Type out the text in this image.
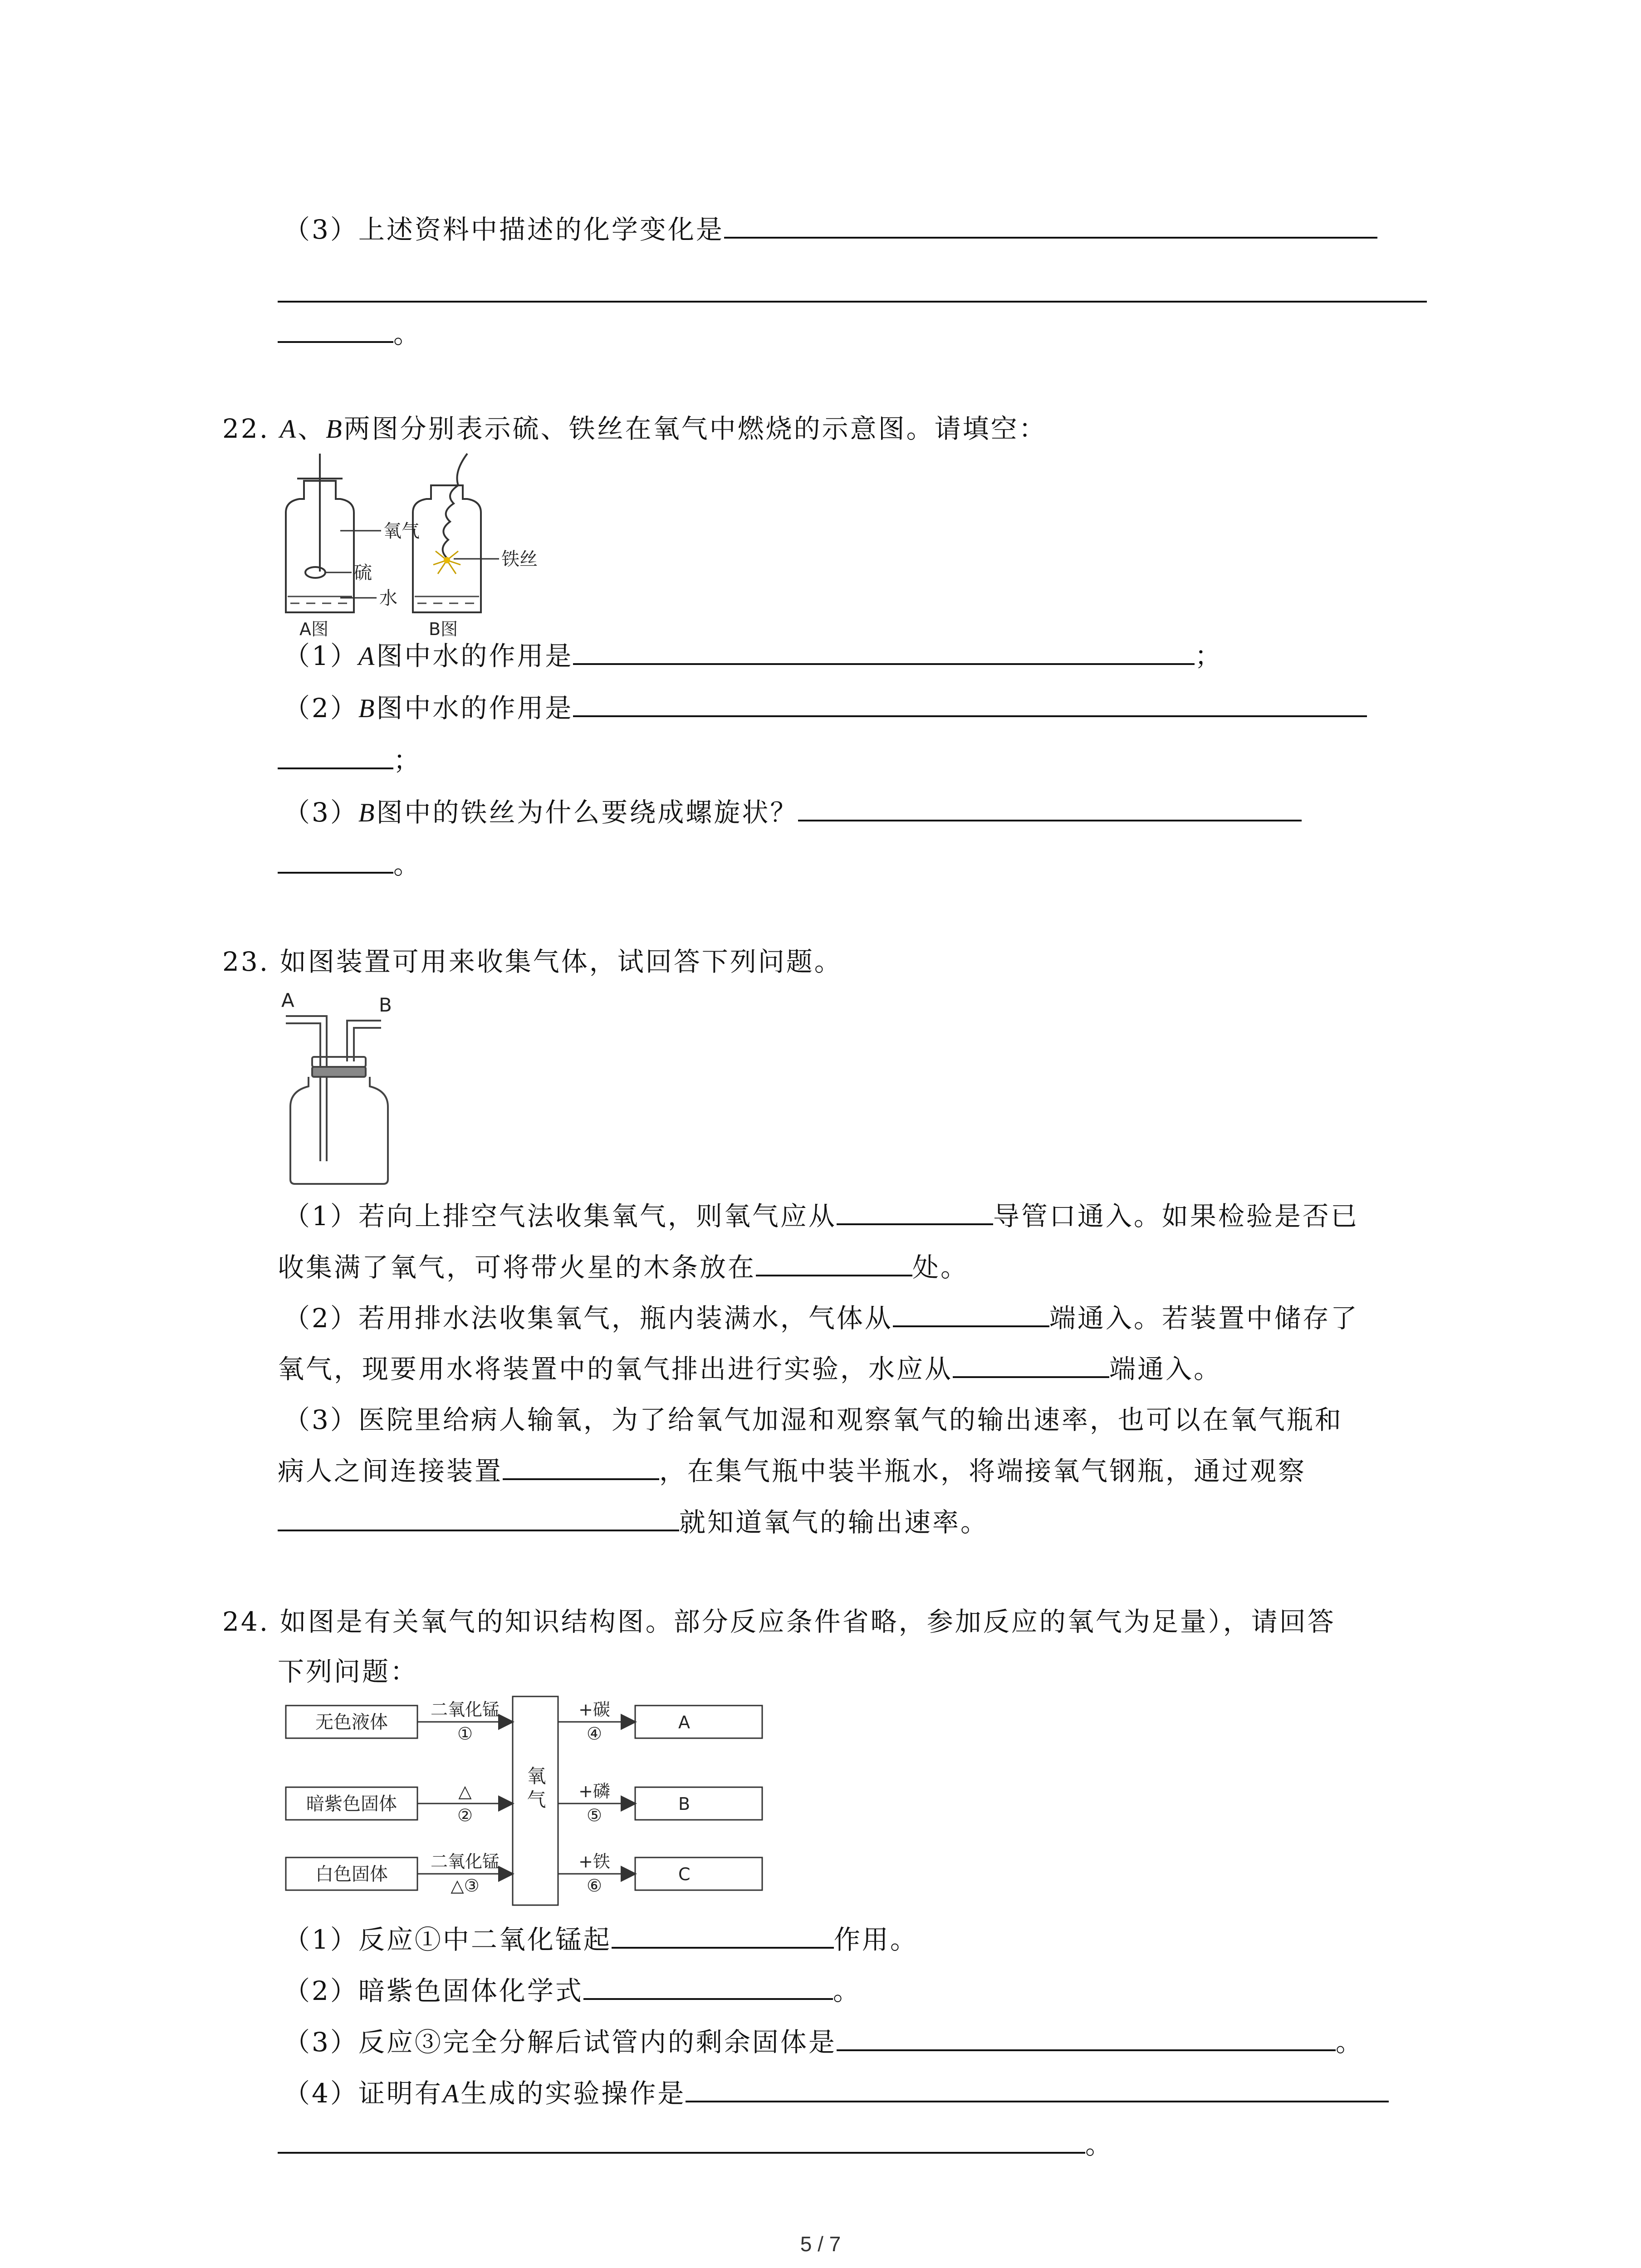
（3）上述资料中描述的化学变化是
。
22. A、B两图分别表示硫、铁丝在氧气中燃烧的示意图。请填空：
氧气
硫
水
铁丝
A图	B图
（1）A图中水的作用是	；
（2）B图中水的作用是
；
（3）B图中的铁丝为什么要绕成螺旋状？
。
23. 如图装置可用来收集气体，试回答下列问题。
A	B
（1）若向上排空气法收集氧气，则氧气应从	导管口通入。如果检验是否已
收集满了氧气，可将带火星的木条放在	处。
（2）若用排水法收集氧气，瓶内装满水，气体从	端通入。若装置中储存了
氧气，现要用水将装置中的氧气排出进行实验，水应从	端通入。
（3）医院里给病人输氧，为了给氧气加湿和观察氧气的输出速率，也可以在氧气瓶和
病人之间连接装置	，在集气瓶中装半瓶水，将端接氧气钢瓶，通过观察
就知道氧气的输出速率。
24. 如图是有关氧气的知识结构图。部分反应条件省略，参加反应的氧气为足量），请回答
下列问题：
无色液体
暗紫色固体
白色固体
二氧化锰
①
△
②
二氧化锰
△③
氧气
+碳
④
+磷
⑤
+铁
⑥
A
B
C
（1）反应①中二氧化锰起	作用。
（2）暗紫色固体化学式	。
（3）反应③完全分解后试管内的剩余固体是	。
（4）证明有A生成的实验操作是
。
5 / 7
